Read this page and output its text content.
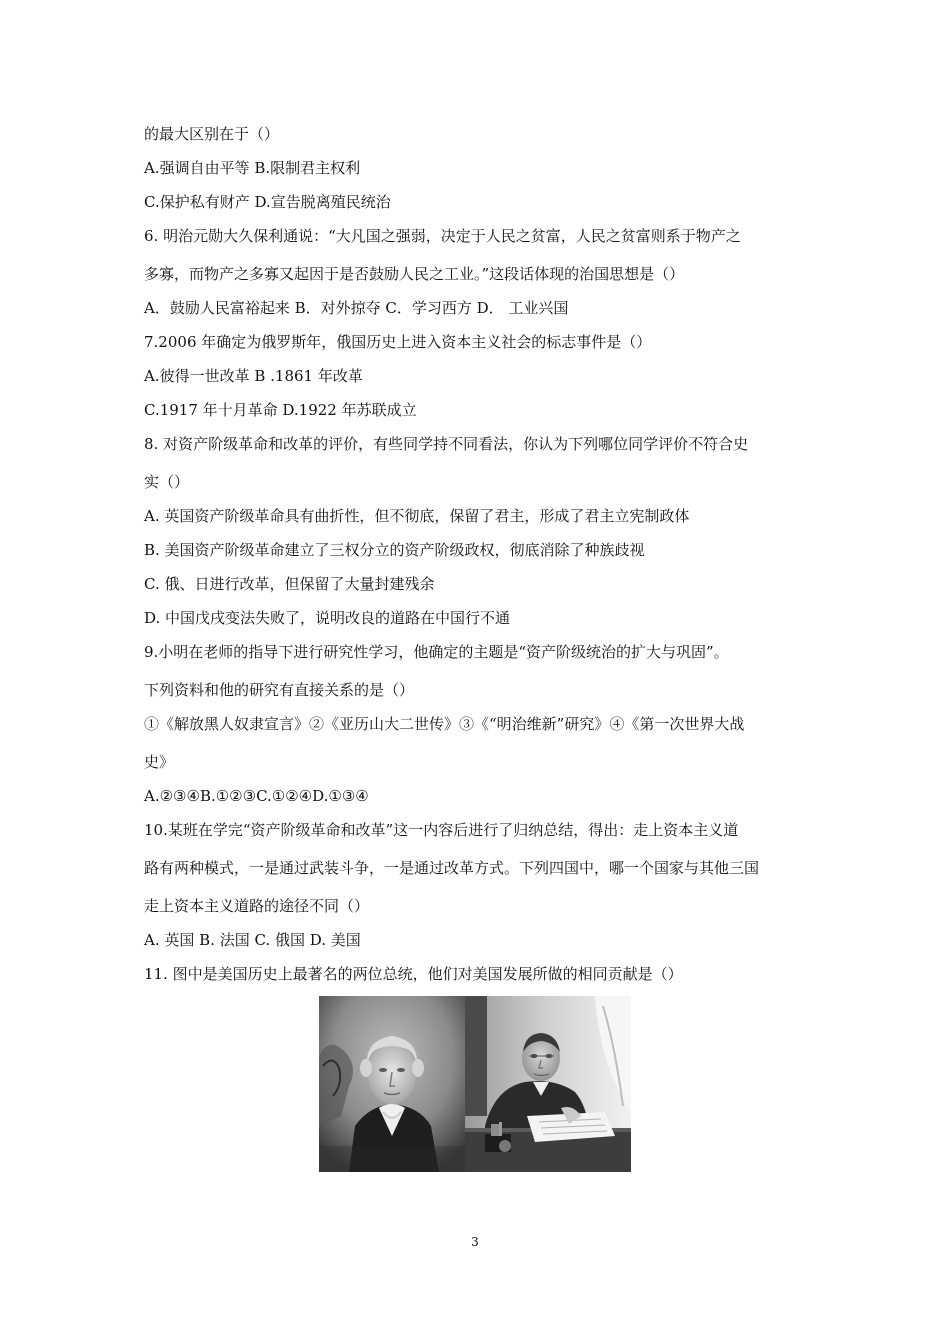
的最大区别在于（）
A.强调自由平等 B.限制君主权利
C.保护私有财产 D.宣告脱离殖民统治
6. 明治元勋大久保利通说：“大凡国之强弱，决定于人民之贫富，人民之贫富则系于物产之
多寡，而物产之多寡又起因于是否鼓励人民之工业。”这段话体现的治国思想是（）
A．鼓励人民富裕起来 B．对外掠夺 C．学习西方 D． 工业兴国
7.2006 年确定为俄罗斯年，俄国历史上进入资本主义社会的标志事件是（）
A.彼得一世改革 B .1861 年改革
C.1917 年十月革命 D.1922 年苏联成立
8. 对资产阶级革命和改革的评价，有些同学持不同看法，你认为下列哪位同学评价不符合史
实（）
A. 英国资产阶级革命具有曲折性，但不彻底，保留了君主，形成了君主立宪制政体
B. 美国资产阶级革命建立了三权分立的资产阶级政权，彻底消除了种族歧视
C. 俄、日进行改革，但保留了大量封建残余
D. 中国戊戌变法失败了，说明改良的道路在中国行不通
9.小明在老师的指导下进行研究性学习，他确定的主题是“资产阶级统治的扩大与巩固”。
下列资料和他的研究有直接关系的是（）
①《解放黑人奴隶宣言》②《亚历山大二世传》③《“明治维新”研究》④《第一次世界大战
史》
A.②③④B.①②③C.①②④D.①③④
10.某班在学完“资产阶级革命和改革”这一内容后进行了归纳总结，得出：走上资本主义道
路有两种模式，一是通过武装斗争，一是通过改革方式。下列四国中，哪一个国家与其他三国
走上资本主义道路的途径不同（）
A. 英国 B. 法国 C. 俄国 D. 美国
11. 图中是美国历史上最著名的两位总统，他们对美国发展所做的相同贡献是（）
3
